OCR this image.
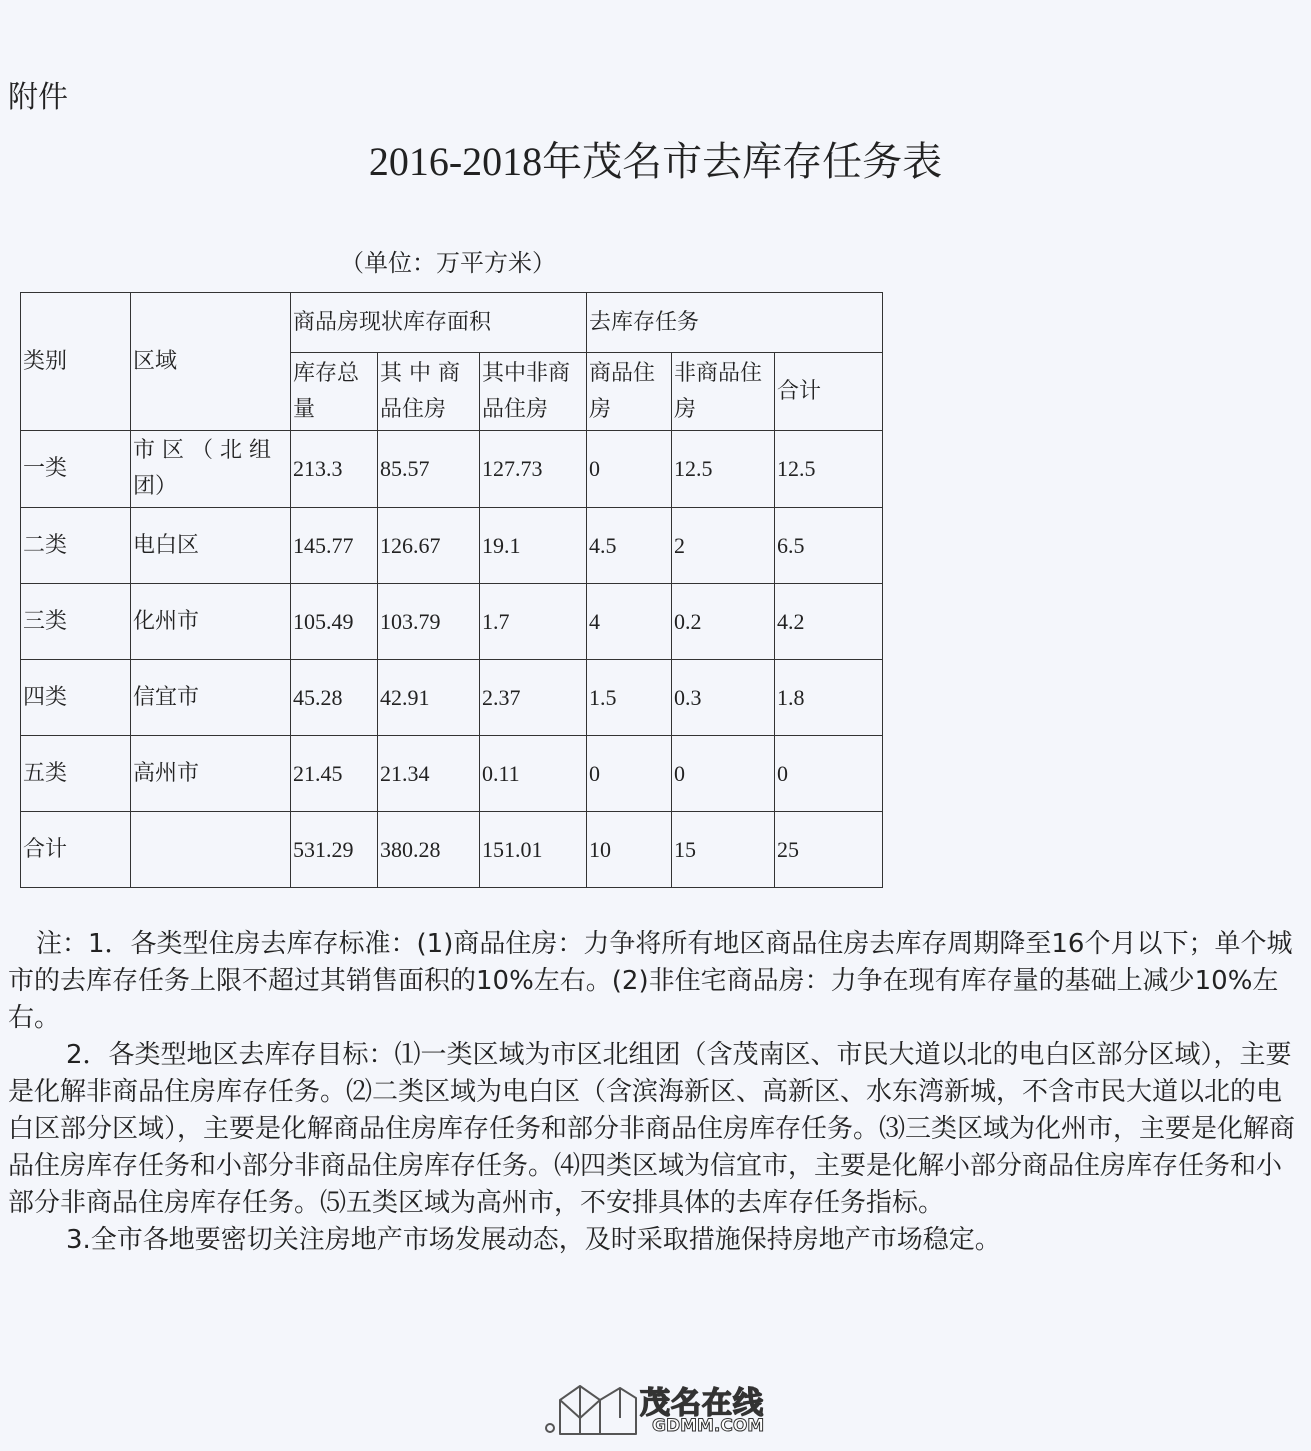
附件
2016-2018年茂名市去库存任务表
（单位：万平方米）
类别	区域	商品房现状库存面积			去库存任务		
		库存总量	其 中 商品住房	其中非商品住房	商品住房	非商品住房	合计
一类	市 区 （ 北 组 团）	213.3	85.57	127.73	0	12.5	12.5
二类	电白区	145.77	126.67	19.1	4.5	2	6.5
三类	化州市	105.49	103.79	1.7	4	0.2	4.2
四类	信宜市	45.28	42.91	2.37	1.5	0.3	1.8
五类	高州市	21.45	21.34	0.11	0	0	0
合计		531.29	380.28	151.01	10	15	25

注：1．各类型住房去库存标准：(1)商品住房：力争将所有地区商品住房去库存周期降至16个月以下；单个城市的去库存任务上限不超过其销售面积的10%左右。(2)非住宅商品房：力争在现有库存量的基础上减少10%左右。

2．各类型地区去库存目标：⑴一类区域为市区北组团（含茂南区、市民大道以北的电白区部分区域），主要是化解非商品住房库存任务。⑵二类区域为电白区（含滨海新区、高新区、水东湾新城，不含市民大道以北的电白区部分区域），主要是化解商品住房库存任务和部分非商品住房库存任务。⑶三类区域为化州市，主要是化解商品住房库存任务和小部分非商品住房库存任务。⑷四类区域为信宜市，主要是化解小部分商品住房库存任务和小部分非商品住房库存任务。⑸五类区域为高州市，不安排具体的去库存任务指标。

3.全市各地要密切关注房地产市场发展动态，及时采取措施保持房地产市场稳定。

茂名在线
GDMM.COM
